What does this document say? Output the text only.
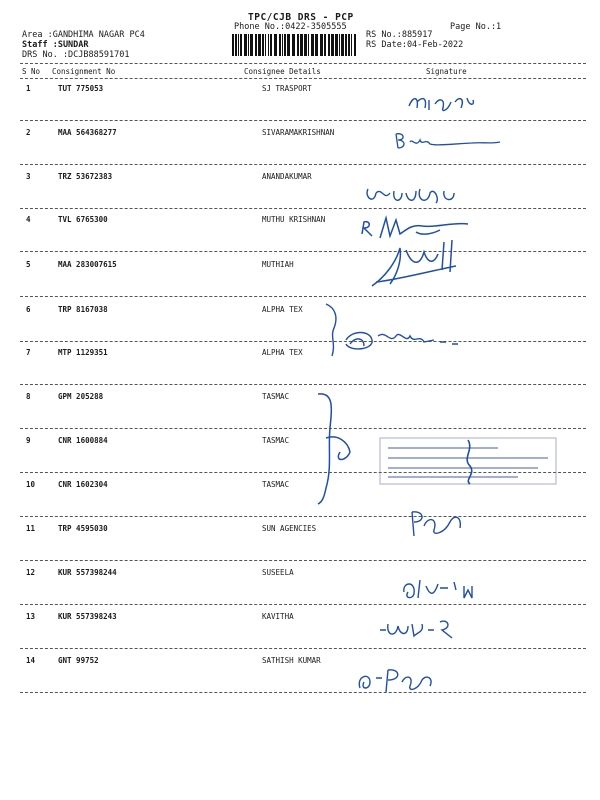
TPC/CJB DRS - PCP
Phone No.:0422-3505555	Page No.:1
Area :GANDHIMA NAGAR PC4
Staff :SUNDAR
DRS No. :DCJB88591701
RS No.:885917
RS Date:04-Feb-2022
S No Consignment No	Consignee Details	Signature
1	TUT 775053	SJ TRASPORT
2	MAA 564368277	SIVARAMAKRISHNAN
3	TRZ 53672383	ANANDAKUMAR
4	TVL 6765300	MUTHU KRISHNAN
5	MAA 283007615	MUTHIAH
6	TRP 8167038	ALPHA TEX
7	MTP 1129351	ALPHA TEX
8	GPM 205288	TASMAC
9	CNR 1600884	TASMAC
10	CNR 1602304	TASMAC
11	TRP 4595030	SUN AGENCIES
12	KUR 557398244	SUSEELA
13	KUR 557398243	KAVITHA
14	GNT 99752	SATHISH KUMAR
